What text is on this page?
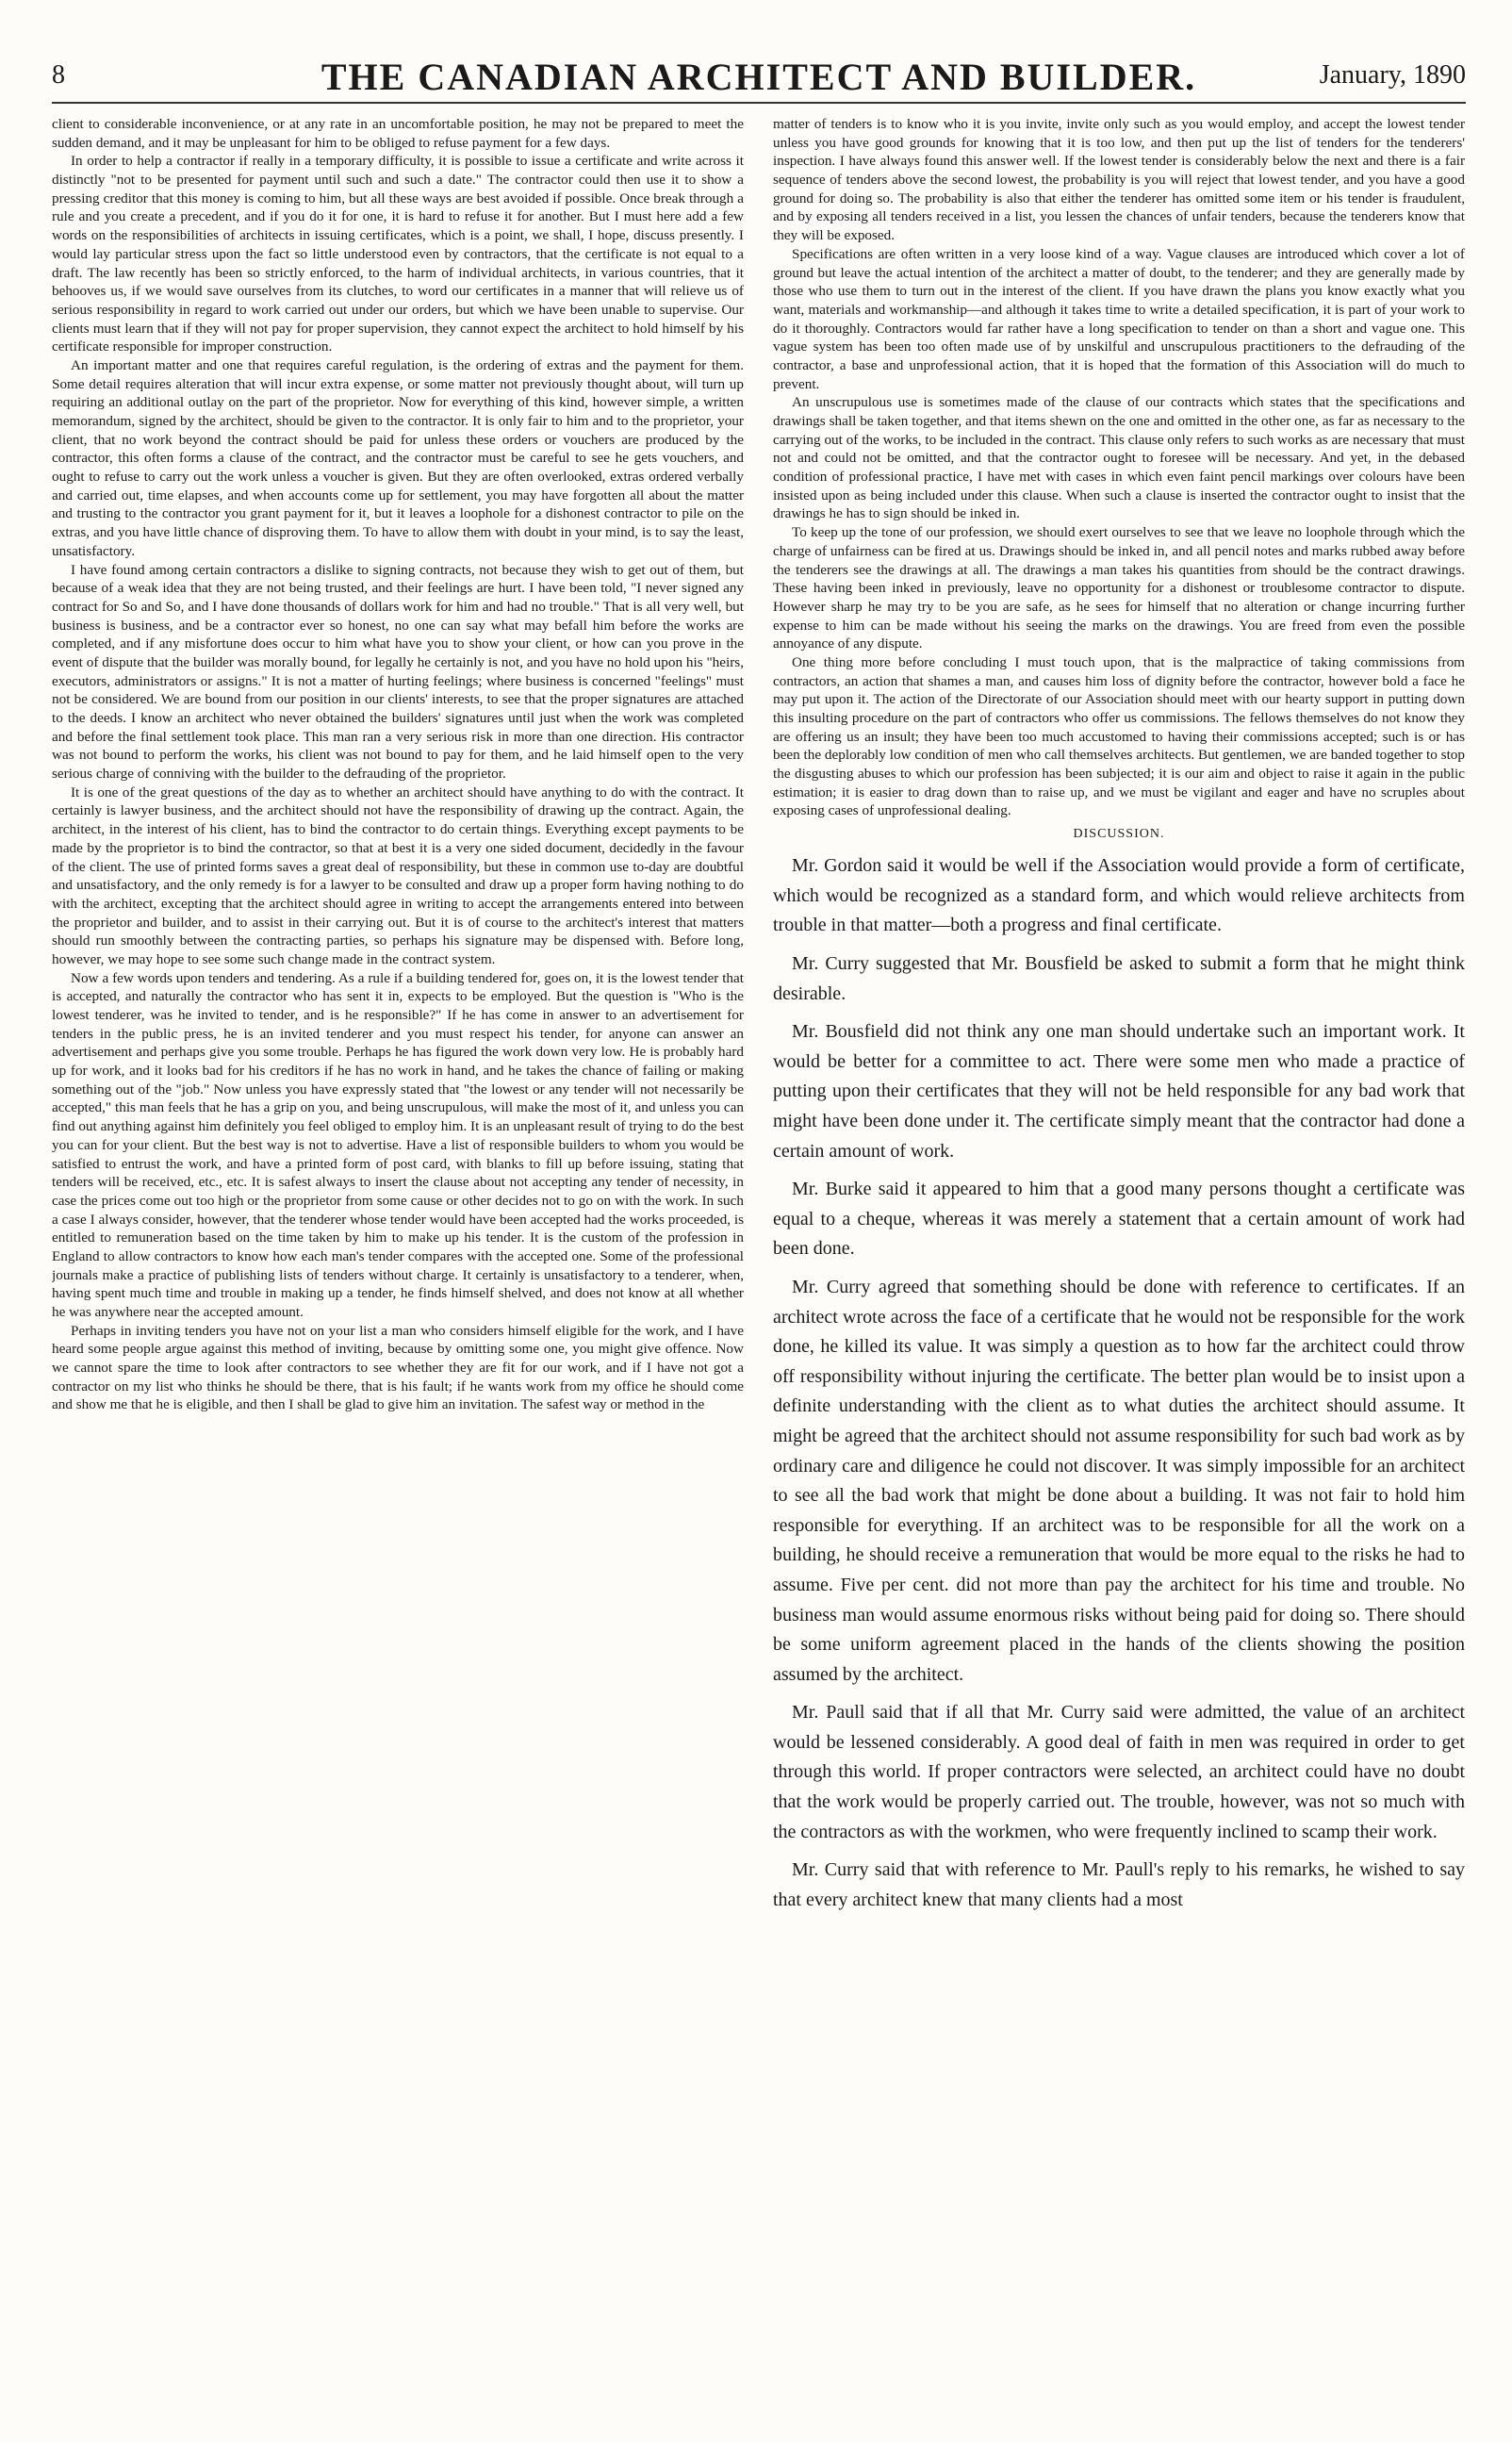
8	THE CANADIAN ARCHITECT AND BUILDER.	January, 1890

client to considerable inconvenience, or at any rate in an uncomfortable position, he may not be prepared to meet the sudden demand, and it may be unpleasant for him to be obliged to refuse payment for a few days.

In order to help a contractor if really in a temporary difficulty, it is possible to issue a certificate and write across it distinctly "not to be presented for payment until such and such a date." The contractor could then use it to show a pressing creditor that this money is coming to him, but all these ways are best avoided if possible. Once break through a rule and you create a precedent, and if you do it for one, it is hard to refuse it for another. But I must here add a few words on the responsibilities of architects in issuing certificates, which is a point, we shall, I hope, discuss presently. I would lay particular stress upon the fact so little understood even by contractors, that the certificate is not equal to a draft. The law recently has been so strictly enforced, to the harm of individual architects, in various countries, that it behooves us, if we would save ourselves from its clutches, to word our certificates in a manner that will relieve us of serious responsibility in regard to work carried out under our orders, but which we have been unable to supervise. Our clients must learn that if they will not pay for proper supervision, they cannot expect the architect to hold himself by his certificate responsible for improper construction.

An important matter and one that requires careful regulation, is the ordering of extras and the payment for them. Some detail requires alteration that will incur extra expense, or some matter not previously thought about, will turn up requiring an additional outlay on the part of the proprietor. Now for everything of this kind, however simple, a written memorandum, signed by the architect, should be given to the contractor. It is only fair to him and to the proprietor, your client, that no work beyond the contract should be paid for unless these orders or vouchers are produced by the contractor, this often forms a clause of the contract, and the contractor must be careful to see he gets vouchers, and ought to refuse to carry out the work unless a voucher is given. But they are often overlooked, extras ordered verbally and carried out, time elapses, and when accounts come up for settlement, you may have forgotten all about the matter and trusting to the contractor you grant payment for it, but it leaves a loophole for a dishonest contractor to pile on the extras, and you have little chance of disproving them. To have to allow them with doubt in your mind, is to say the least, unsatisfactory.

I have found among certain contractors a dislike to signing contracts, not because they wish to get out of them, but because of a weak idea that they are not being trusted, and their feelings are hurt. I have been told, "I never signed any contract for So and So, and I have done thousands of dollars work for him and had no trouble." That is all very well, but business is business, and be a contractor ever so honest, no one can say what may befall him before the works are completed, and if any misfortune does occur to him what have you to show your client, or how can you prove in the event of dispute that the builder was morally bound, for legally he certainly is not, and you have no hold upon his "heirs, executors, administrators or assigns." It is not a matter of hurting feelings; where business is concerned "feelings" must not be considered. We are bound from our position in our clients' interests, to see that the proper signatures are attached to the deeds. I know an architect who never obtained the builders' signatures until just when the work was completed and before the final settlement took place. This man ran a very serious risk in more than one direction. His contractor was not bound to perform the works, his client was not bound to pay for them, and he laid himself open to the very serious charge of conniving with the builder to the defrauding of the proprietor.

It is one of the great questions of the day as to whether an architect should have anything to do with the contract. It certainly is lawyer business, and the architect should not have the responsibility of drawing up the contract. Again, the architect, in the interest of his client, has to bind the contractor to do certain things. Everything except payments to be made by the proprietor is to bind the contractor, so that at best it is a very one sided document, decidedly in the favour of the client. The use of printed forms saves a great deal of responsibility, but these in common use to-day are doubtful and unsatisfactory, and the only remedy is for a lawyer to be consulted and draw up a proper form having nothing to do with the architect, excepting that the architect should agree in writing to accept the arrangements entered into between the proprietor and builder, and to assist in their carrying out. But it is of course to the architect's interest that matters should run smoothly between the contracting parties, so perhaps his signature may be dispensed with. Before long, however, we may hope to see some such change made in the contract system.

Now a few words upon tenders and tendering. As a rule if a building tendered for, goes on, it is the lowest tender that is accepted, and naturally the contractor who has sent it in, expects to be employed. But the question is "Who is the lowest tenderer, was he invited to tender, and is he responsible?" If he has come in answer to an advertisement for tenders in the public press, he is an invited tenderer and you must respect his tender, for anyone can answer an advertisement and perhaps give you some trouble. Perhaps he has figured the work down very low. He is probably hard up for work, and it looks bad for his creditors if he has no work in hand, and he takes the chance of failing or making something out of the "job." Now unless you have expressly stated that "the lowest or any tender will not necessarily be accepted," this man feels that he has a grip on you, and being unscrupulous, will make the most of it, and unless you can find out anything against him definitely you feel obliged to employ him. It is an unpleasant result of trying to do the best you can for your client. But the best way is not to advertise. Have a list of responsible builders to whom you would be satisfied to entrust the work, and have a printed form of post card, with blanks to fill up before issuing, stating that tenders will be received, etc., etc. It is safest always to insert the clause about not accepting any tender of necessity, in case the prices come out too high or the proprietor from some cause or other decides not to go on with the work. In such a case I always consider, however, that the tenderer whose tender would have been accepted had the works proceeded, is entitled to remuneration based on the time taken by him to make up his tender. It is the custom of the profession in England to allow contractors to know how each man's tender compares with the accepted one. Some of the professional journals make a practice of publishing lists of tenders without charge. It certainly is unsatisfactory to a tenderer, when, having spent much time and trouble in making up a tender, he finds himself shelved, and does not know at all whether he was anywhere near the accepted amount.

Perhaps in inviting tenders you have not on your list a man who considers himself eligible for the work, and I have heard some people argue against this method of inviting, because by omitting some one, you might give offence. Now we cannot spare the time to look after contractors to see whether they are fit for our work, and if I have not got a contractor on my list who thinks he should be there, that is his fault; if he wants work from my office he should come and show me that he is eligible, and then I shall be glad to give him an invitation. The safest way or method in the

matter of tenders is to know who it is you invite, invite only such as you would employ, and accept the lowest tender unless you have good grounds for knowing that it is too low, and then put up the list of tenders for the tenderers' inspection. I have always found this answer well. If the lowest tender is considerably below the next and there is a fair sequence of tenders above the second lowest, the probability is you will reject that lowest tender, and you have a good ground for doing so. The probability is also that either the tenderer has omitted some item or his tender is fraudulent, and by exposing all tenders received in a list, you lessen the chances of unfair tenders, because the tenderers know that they will be exposed.

Specifications are often written in a very loose kind of a way. Vague clauses are introduced which cover a lot of ground but leave the actual intention of the architect a matter of doubt, to the tenderer; and they are generally made by those who use them to turn out in the interest of the client. If you have drawn the plans you know exactly what you want, materials and workmanship—and although it takes time to write a detailed specification, it is part of your work to do it thoroughly. Contractors would far rather have a long specification to tender on than a short and vague one. This vague system has been too often made use of by unskilful and unscrupulous practitioners to the defrauding of the contractor, a base and unprofessional action, that it is hoped that the formation of this Association will do much to prevent.

An unscrupulous use is sometimes made of the clause of our contracts which states that the specifications and drawings shall be taken together, and that items shewn on the one and omitted in the other one, as far as necessary to the carrying out of the works, to be included in the contract. This clause only refers to such works as are necessary that must not and could not be omitted, and that the contractor ought to foresee will be necessary. And yet, in the debased condition of professional practice, I have met with cases in which even faint pencil markings over colours have been insisted upon as being included under this clause. When such a clause is inserted the contractor ought to insist that the drawings he has to sign should be inked in.

To keep up the tone of our profession, we should exert ourselves to see that we leave no loophole through which the charge of unfairness can be fired at us. Drawings should be inked in, and all pencil notes and marks rubbed away before the tenderers see the drawings at all. The drawings a man takes his quantities from should be the contract drawings. These having been inked in previously, leave no opportunity for a dishonest or troublesome contractor to dispute. However sharp he may try to be you are safe, as he sees for himself that no alteration or change incurring further expense to him can be made without his seeing the marks on the drawings. You are freed from even the possible annoyance of any dispute.

One thing more before concluding I must touch upon, that is the malpractice of taking commissions from contractors, an action that shames a man, and causes him loss of dignity before the contractor, however bold a face he may put upon it. The action of the Directorate of our Association should meet with our hearty support in putting down this insulting procedure on the part of contractors who offer us commissions. The fellows themselves do not know they are offering us an insult; they have been too much accustomed to having their commissions accepted; such is or has been the deplorably low condition of men who call themselves architects. But gentlemen, we are banded together to stop the disgusting abuses to which our profession has been subjected; it is our aim and object to raise it again in the public estimation; it is easier to drag down than to raise up, and we must be vigilant and eager and have no scruples about exposing cases of unprofessional dealing.

DISCUSSION.

Mr. Gordon said it would be well if the Association would provide a form of certificate, which would be recognized as a standard form, and which would relieve architects from trouble in that matter—both a progress and final certificate.

Mr. Curry suggested that Mr. Bousfield be asked to submit a form that he might think desirable.

Mr. Bousfield did not think any one man should undertake such an important work. It would be better for a committee to act. There were some men who made a practice of putting upon their certificates that they will not be held responsible for any bad work that might have been done under it. The certificate simply meant that the contractor had done a certain amount of work.

Mr. Burke said it appeared to him that a good many persons thought a certificate was equal to a cheque, whereas it was merely a statement that a certain amount of work had been done.

Mr. Curry agreed that something should be done with reference to certificates. If an architect wrote across the face of a certificate that he would not be responsible for the work done, he killed its value. It was simply a question as to how far the architect could throw off responsibility without injuring the certificate. The better plan would be to insist upon a definite understanding with the client as to what duties the architect should assume. It might be agreed that the architect should not assume responsibility for such bad work as by ordinary care and diligence he could not discover. It was simply impossible for an architect to see all the bad work that might be done about a building. It was not fair to hold him responsible for everything. If an architect was to be responsible for all the work on a building, he should receive a remuneration that would be more equal to the risks he had to assume. Five per cent. did not more than pay the architect for his time and trouble. No business man would assume enormous risks without being paid for doing so. There should be some uniform agreement placed in the hands of the clients showing the position assumed by the architect.

Mr. Paull said that if all that Mr. Curry said were admitted, the value of an architect would be lessened considerably. A good deal of faith in men was required in order to get through this world. If proper contractors were selected, an architect could have no doubt that the work would be properly carried out. The trouble, however, was not so much with the contractors as with the workmen, who were frequently inclined to scamp their work.

Mr. Curry said that with reference to Mr. Paull's reply to his remarks, he wished to say that every architect knew that many clients had a most
